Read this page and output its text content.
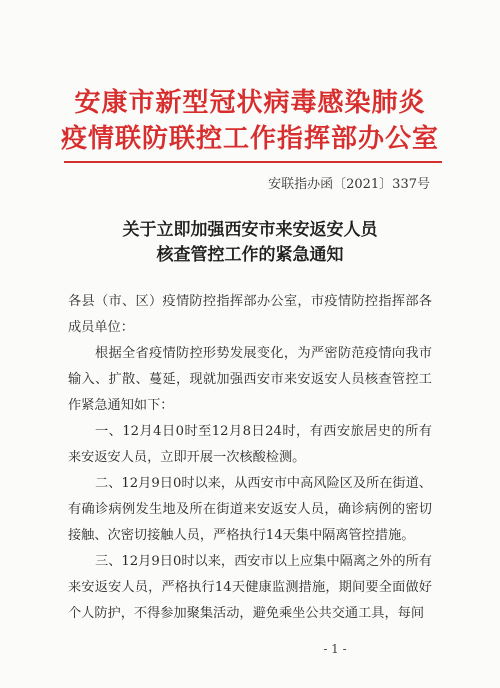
安康市新型冠状病毒感染肺炎
疫情联防联控工作指挥部办公室
安联指办函〔2021〕337号
关于立即加强西安市来安返安人员
核查管控工作的紧急通知
各县（市、区）疫情防控指挥部办公室，市疫情防控指挥部各成员单位：
根据全省疫情防控形势发展变化，为严密防范疫情向我市输入、扩散、蔓延，现就加强西安市来安返安人员核查管控工作紧急通知如下：
一、12月4日0时至12月8日24时，有西安旅居史的所有来安返安人员，立即开展一次核酸检测。
二、12月9日0时以来，从西安市中高风险区及所在街道、有确诊病例发生地及所在街道来安返安人员，确诊病例的密切接触、次密切接触人员，严格执行14天集中隔离管控措施。
三、12月9日0时以来，西安市以上应集中隔离之外的所有来安返安人员，严格执行14天健康监测措施，期间要全面做好个人防护，不得参加聚集活动，避免乘坐公共交通工具，每间
- 1 -
